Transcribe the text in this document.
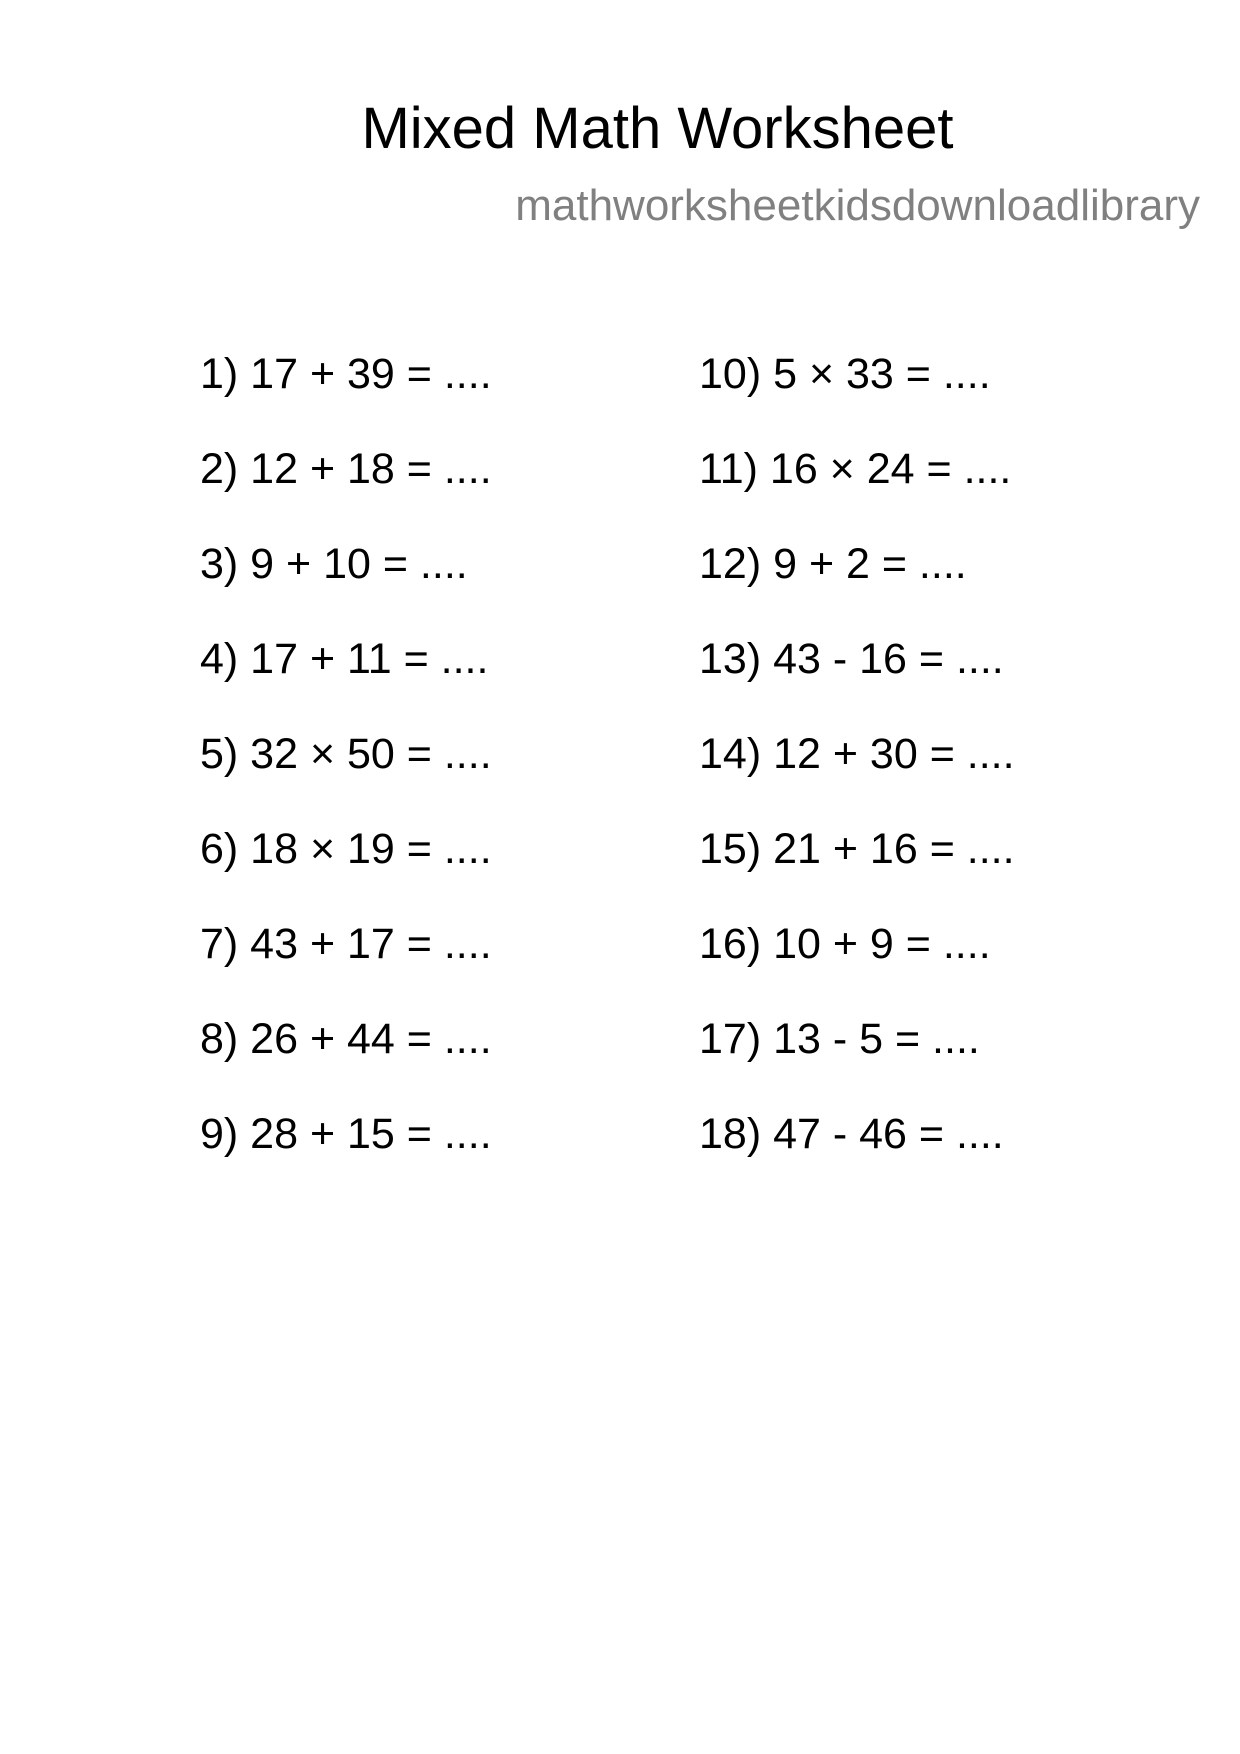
Mixed Math Worksheet
mathworksheetkidsdownloadlibrary
1) 17 + 39 = ....
2) 12 + 18 = ....
3) 9 + 10 = ....
4) 17 + 11 = ....
5) 32 × 50 = ....
6) 18 × 19 = ....
7) 43 + 17 = ....
8) 26 + 44 = ....
9) 28 + 15 = ....
10) 5 × 33 = ....
11) 16 × 24 = ....
12) 9 + 2 = ....
13) 43 - 16 = ....
14) 12 + 30 = ....
15) 21 + 16 = ....
16) 10 + 9 = ....
17) 13 - 5 = ....
18) 47 - 46 = ....
